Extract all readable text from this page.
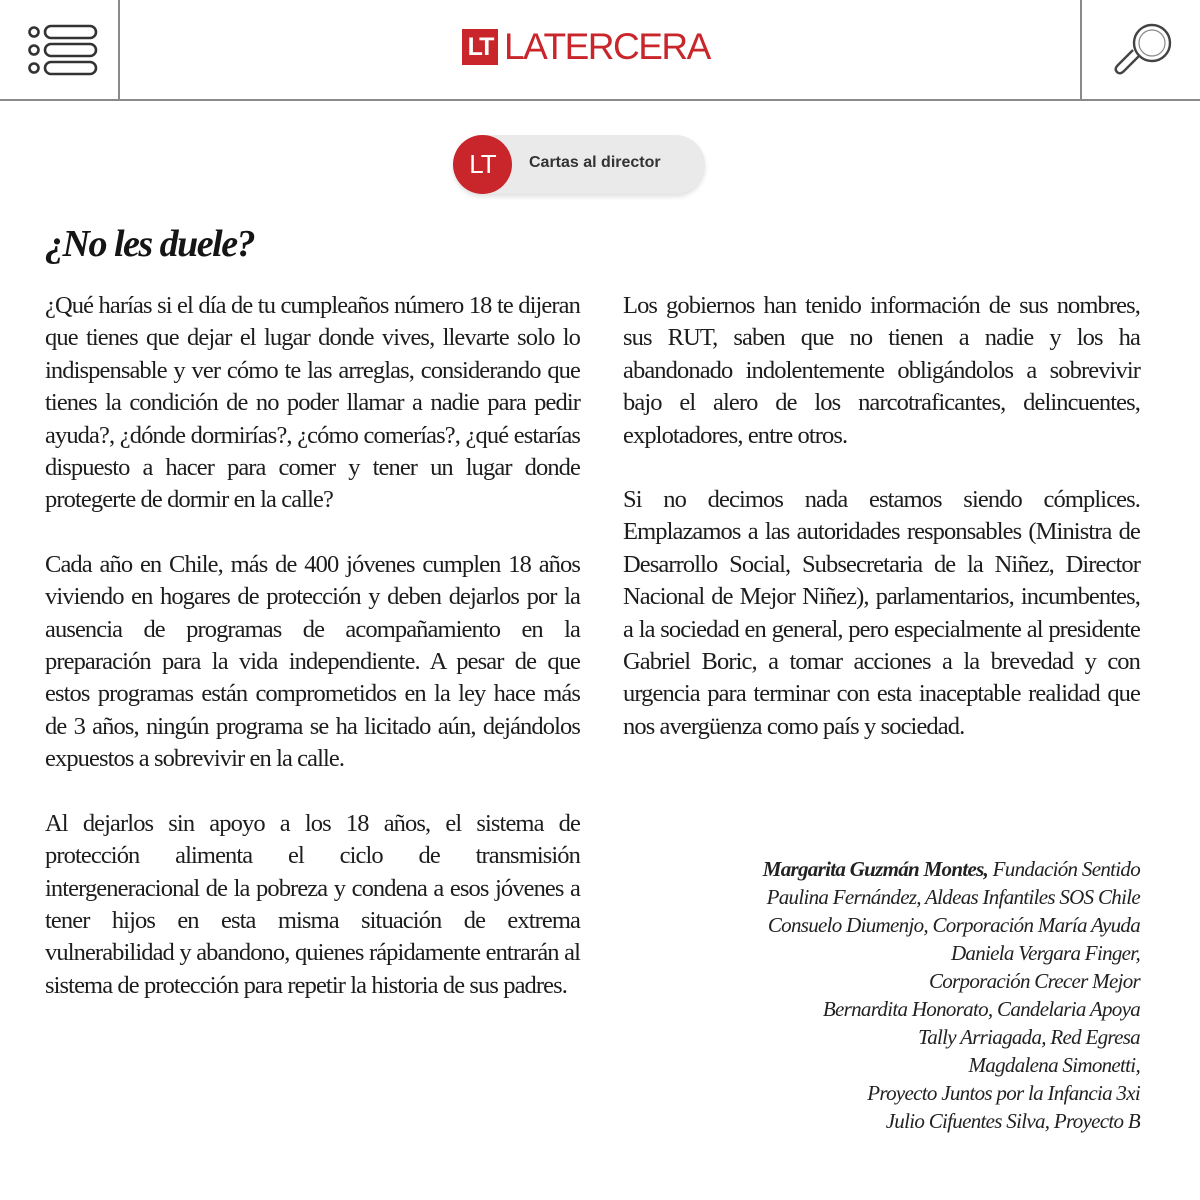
LT LATERCERA
LT	Cartas al director
¿No les duele?

¿Qué harías si el día de tu cumpleaños número 18 te dijeran que tienes que dejar el lugar donde vives, llevarte solo lo indispensable y ver cómo te las arreglas, considerando que tienes la condición de no poder llamar a nadie para pedir ayuda?, ¿dónde dormirías?, ¿cómo comerías?, ¿qué estarías dispuesto a hacer para comer y tener un lugar donde protegerte de dormir en la calle?

Cada año en Chile, más de 400 jóvenes cumplen 18 años viviendo en hogares de protección y deben dejarlos por la ausencia de programas de acompañamiento en la preparación para la vida independiente. A pesar de que estos programas están comprometidos en la ley hace más de 3 años, ningún programa se ha licitado aún, dejándolos expuestos a sobrevivir en la calle.

Al dejarlos sin apoyo a los 18 años, el sistema de protección alimenta el ciclo de transmisión intergeneracional de la pobreza y condena a esos jóvenes a tener hijos en esta misma situación de extrema vulnerabilidad y abandono, quienes rápidamente entrarán al sistema de protección para repetir la historia de sus padres.

Los gobiernos han tenido información de sus nombres, sus RUT, saben que no tienen a nadie y los ha abandonado indolentemente obligándolos a sobrevivir bajo el alero de los narcotraficantes, delincuentes, explotadores, entre otros.

Si no decimos nada estamos siendo cómplices. Emplazamos a las autoridades responsables (Ministra de Desarrollo Social, Subsecretaria de la Niñez, Director Nacional de Mejor Niñez), parlamentarios, incumbentes, a la sociedad en general, pero especialmente al presidente Gabriel Boric, a tomar acciones a la brevedad y con urgencia para terminar con esta inaceptable realidad que nos avergüenza como país y sociedad.

Margarita Guzmán Montes, Fundación Sentido
Paulina Fernández, Aldeas Infantiles SOS Chile
Consuelo Diumenjo, Corporación María Ayuda
Daniela Vergara Finger,
Corporación Crecer Mejor
Bernardita Honorato, Candelaria Apoya
Tally Arriagada, Red Egresa
Magdalena Simonetti,
Proyecto Juntos por la Infancia 3xi
Julio Cifuentes Silva, Proyecto B
